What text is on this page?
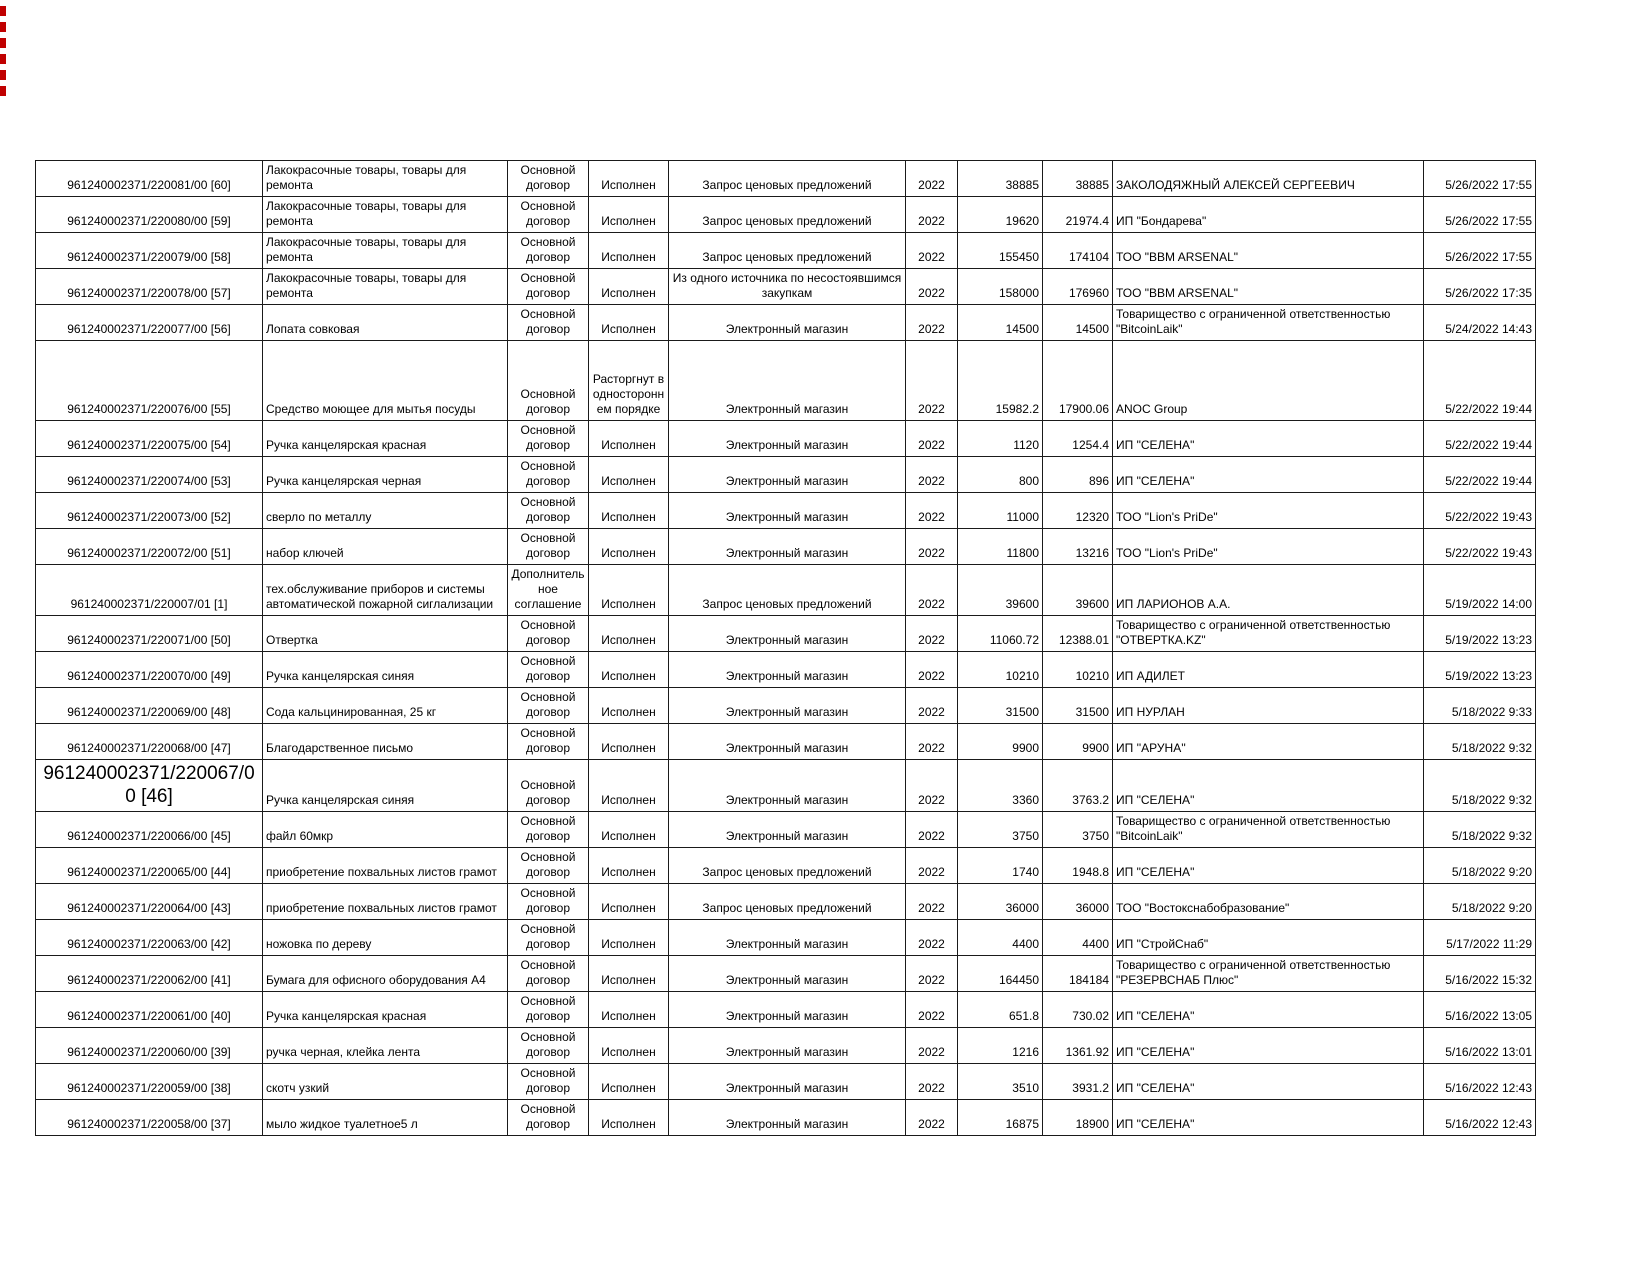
961240002371/220081/00 [60]	Лакокрасочные товары, товары для ремонта	Основной договор	Исполнен	Запрос ценовых предложений	2022	38885	38885	ЗАКОЛОДЯЖНЫЙ АЛЕКСЕЙ СЕРГЕЕВИЧ	5/26/2022 17:55
961240002371/220080/00 [59]	Лакокрасочные товары, товары для ремонта	Основной договор	Исполнен	Запрос ценовых предложений	2022	19620	21974.4	ИП "Бондарева"	5/26/2022 17:55
961240002371/220079/00 [58]	Лакокрасочные товары, товары для ремонта	Основной договор	Исполнен	Запрос ценовых предложений	2022	155450	174104	ТОО "BBM ARSENAL"	5/26/2022 17:55
961240002371/220078/00 [57]	Лакокрасочные товары, товары для ремонта	Основной договор	Исполнен	Из одного источника по несостоявшимся закупкам	2022	158000	176960	ТОО "BBM ARSENAL"	5/26/2022 17:35
961240002371/220077/00 [56]	Лопата совковая	Основной договор	Исполнен	Электронный магазин	2022	14500	14500	Товарищество с ограниченной ответственностью "BitcoinLaik"	5/24/2022 14:43
961240002371/220076/00 [55]	Средство моющее для мытья посуды	Основной договор	Расторгнут в одностороннем порядке	Электронный магазин	2022	15982.2	17900.06	ANOC Group	5/22/2022 19:44
961240002371/220075/00 [54]	Ручка канцелярская красная	Основной договор	Исполнен	Электронный магазин	2022	1120	1254.4	ИП "СЕЛЕНА"	5/22/2022 19:44
961240002371/220074/00 [53]	Ручка канцелярская черная	Основной договор	Исполнен	Электронный магазин	2022	800	896	ИП "СЕЛЕНА"	5/22/2022 19:44
961240002371/220073/00 [52]	сверло по металлу	Основной договор	Исполнен	Электронный магазин	2022	11000	12320	ТОО "Lion's PriDe"	5/22/2022 19:43
961240002371/220072/00 [51]	набор ключей	Основной договор	Исполнен	Электронный магазин	2022	11800	13216	ТОО "Lion's PriDe"	5/22/2022 19:43
961240002371/220007/01 [1]	тех.обслуживание приборов и системы автоматической пожарной сиглализации	Дополнительное соглашение	Исполнен	Запрос ценовых предложений	2022	39600	39600	ИП ЛАРИОНОВ А.А.	5/19/2022 14:00
961240002371/220071/00 [50]	Отвертка	Основной договор	Исполнен	Электронный магазин	2022	11060.72	12388.01	Товарищество с ограниченной ответственностью "ОТВЕРТКА.KZ"	5/19/2022 13:23
961240002371/220070/00 [49]	Ручка канцелярская синяя	Основной договор	Исполнен	Электронный магазин	2022	10210	10210	ИП АДИЛЕТ	5/19/2022 13:23
961240002371/220069/00 [48]	Сода кальцинированная, 25 кг	Основной договор	Исполнен	Электронный магазин	2022	31500	31500	ИП НУРЛАН	5/18/2022 9:33
961240002371/220068/00 [47]	Благодарственное письмо	Основной договор	Исполнен	Электронный магазин	2022	9900	9900	ИП ''АРУНА''	5/18/2022 9:32
961240002371/220067/00 [46]	Ручка канцелярская синяя	Основной договор	Исполнен	Электронный магазин	2022	3360	3763.2	ИП "СЕЛЕНА"	5/18/2022 9:32
961240002371/220066/00 [45]	файл 60мкр	Основной договор	Исполнен	Электронный магазин	2022	3750	3750	Товарищество с ограниченной ответственностью "BitcoinLaik"	5/18/2022 9:32
961240002371/220065/00 [44]	приобретение похвальных листов грамот	Основной договор	Исполнен	Запрос ценовых предложений	2022	1740	1948.8	ИП "СЕЛЕНА"	5/18/2022 9:20
961240002371/220064/00 [43]	приобретение похвальных листов грамот	Основной договор	Исполнен	Запрос ценовых предложений	2022	36000	36000	ТОО "Востокснабобразование"	5/18/2022 9:20
961240002371/220063/00 [42]	ножовка по дереву	Основной договор	Исполнен	Электронный магазин	2022	4400	4400	ИП "СтройСнаб"	5/17/2022 11:29
961240002371/220062/00 [41]	Бумага для офисного оборудования А4	Основной договор	Исполнен	Электронный магазин	2022	164450	184184	Товарищество с ограниченной ответственностью "РЕЗЕРВСНАБ Плюс"	5/16/2022 15:32
961240002371/220061/00 [40]	Ручка канцелярская красная	Основной договор	Исполнен	Электронный магазин	2022	651.8	730.02	ИП "СЕЛЕНА"	5/16/2022 13:05
961240002371/220060/00 [39]	ручка черная, клейка лента	Основной договор	Исполнен	Электронный магазин	2022	1216	1361.92	ИП "СЕЛЕНА"	5/16/2022 13:01
961240002371/220059/00 [38]	скотч узкий	Основной договор	Исполнен	Электронный магазин	2022	3510	3931.2	ИП "СЕЛЕНА"	5/16/2022 12:43
961240002371/220058/00 [37]	мыло жидкое туалетное5 л	Основной договор	Исполнен	Электронный магазин	2022	16875	18900	ИП "СЕЛЕНА"	5/16/2022 12:43
